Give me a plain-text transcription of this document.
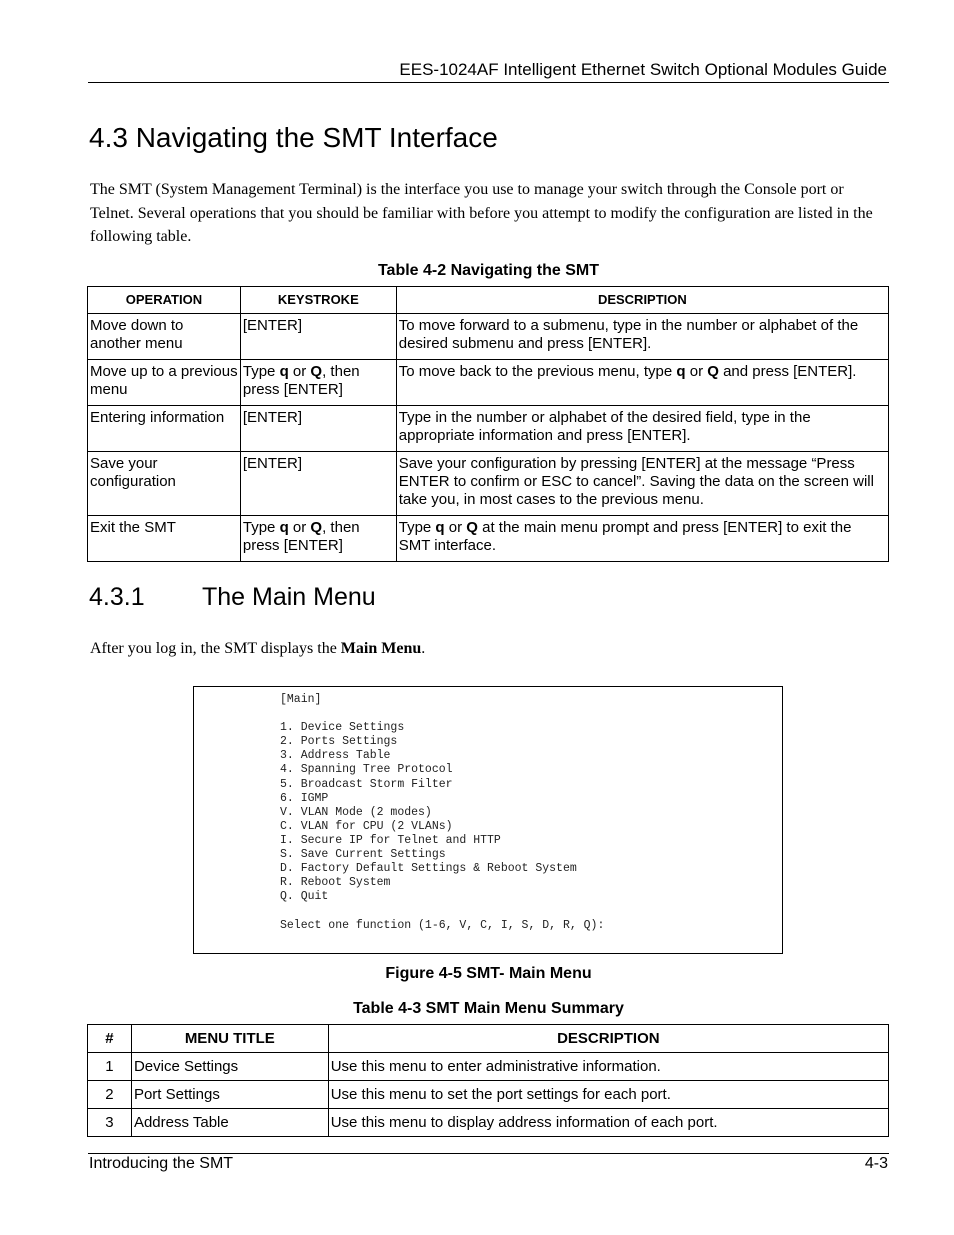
EES-1024AF Intelligent Ethernet Switch Optional Modules Guide
4.3 Navigating the SMT Interface
The SMT (System Management Terminal) is the interface you use to manage your switch through the Console port or Telnet. Several operations that you should be familiar with before you attempt to modify the configuration are listed in the following table.
Table 4-2 Navigating the SMT
OPERATION	KEYSTROKE	DESCRIPTION
Move down to another menu	[ENTER]	To move forward to a submenu, type in the number or alphabet of the desired submenu and press [ENTER].
Move up to a previous menu	Type q or Q, then press [ENTER]	To move back to the previous menu, type q or Q and press [ENTER].
Entering information	[ENTER]	Type in the number or alphabet of the desired field, type in the appropriate information and press [ENTER].
Save your configuration	[ENTER]	Save your configuration by pressing [ENTER] at the message “Press ENTER to confirm or ESC to cancel”. Saving the data on the screen will take you, in most cases to the previous menu.
Exit the SMT	Type q or Q, then press [ENTER]	Type q or Q at the main menu prompt and press [ENTER] to exit the SMT interface.
4.3.1 The Main Menu
After you log in, the SMT displays the Main Menu.
[Main]
1. Device Settings
2. Ports Settings
3. Address Table
4. Spanning Tree Protocol
5. Broadcast Storm Filter
6. IGMP
V. VLAN Mode (2 modes)
C. VLAN for CPU (2 VLANs)
I. Secure IP for Telnet and HTTP
S. Save Current Settings
D. Factory Default Settings & Reboot System
R. Reboot System
Q. Quit
Select one function (1-6, V, C, I, S, D, R, Q):
Figure 4-5 SMT- Main Menu
Table 4-3 SMT Main Menu Summary
#	MENU TITLE	DESCRIPTION
1	Device Settings	Use this menu to enter administrative information.
2	Port Settings	Use this menu to set the port settings for each port.
3	Address Table	Use this menu to display address information of each port.
Introducing the SMT	4-3
